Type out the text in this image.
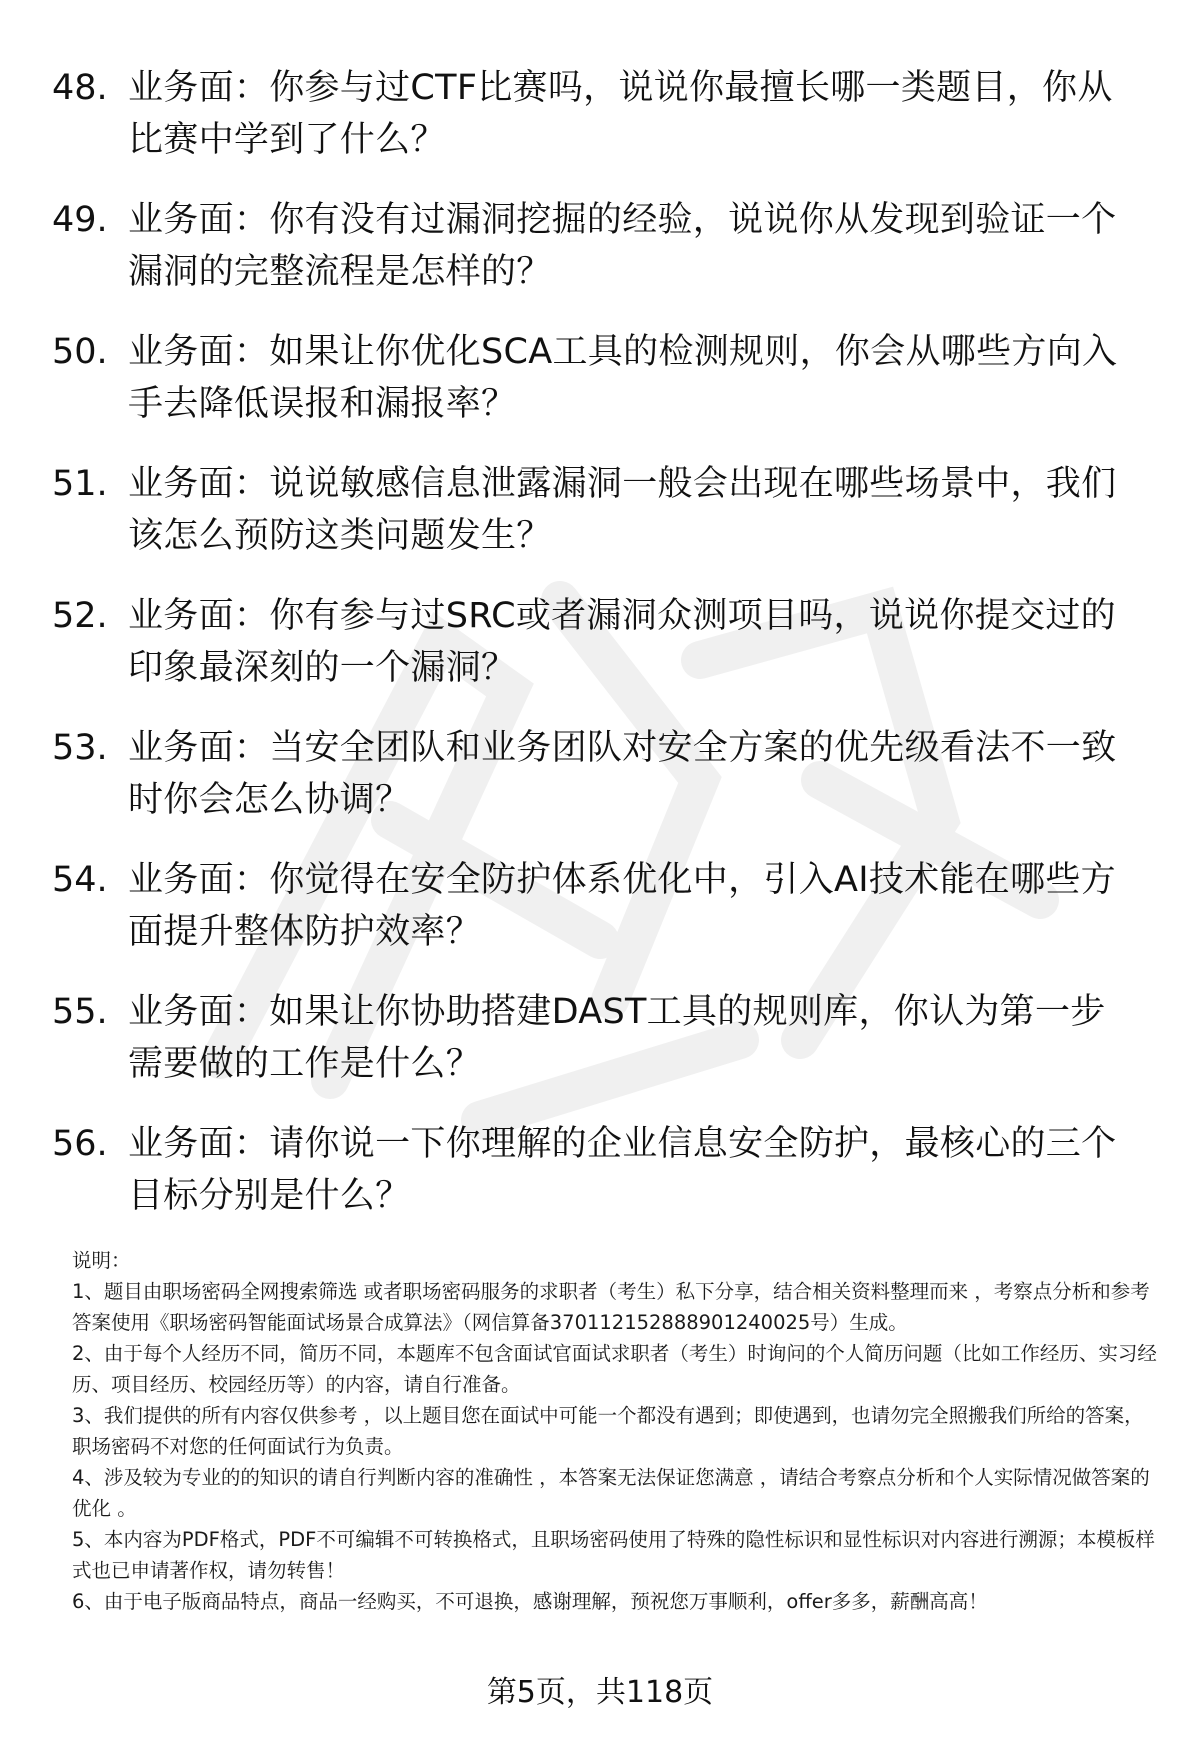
48. 业务面：你参与过CTF比赛吗，说说你最擅长哪一类题目，你从比赛中学到了什么？
49. 业务面：你有没有过漏洞挖掘的经验，说说你从发现到验证一个漏洞的完整流程是怎样的？
50. 业务面：如果让你优化SCA工具的检测规则，你会从哪些方向入手去降低误报和漏报率？
51. 业务面：说说敏感信息泄露漏洞一般会出现在哪些场景中，我们该怎么预防这类问题发生？
52. 业务面：你有参与过SRC或者漏洞众测项目吗，说说你提交过的印象最深刻的一个漏洞？
53. 业务面：当安全团队和业务团队对安全方案的优先级看法不一致时你会怎么协调？
54. 业务面：你觉得在安全防护体系优化中，引入AI技术能在哪些方面提升整体防护效率？
55. 业务面：如果让你协助搭建DAST工具的规则库，你认为第一步需要做的工作是什么？
56. 业务面：请你说一下你理解的企业信息安全防护，最核心的三个目标分别是什么？

说明：

1、题目由职场密码全网搜索筛选 或者职场密码服务的求职者（考生）私下分享，结合相关资料整理而来 ，考察点分析和参考答案使用《职场密码智能面试场景合成算法》（网信算备370112152888901240025号）生成。

2、由于每个人经历不同，简历不同，本题库不包含面试官面试求职者（考生）时询问的个人简历问题（比如工作经历、实习经历、项目经历、校园经历等）的内容，请自行准备。

3、我们提供的所有内容仅供参考 ，以上题目您在面试中可能一个都没有遇到；即使遇到，也请勿完全照搬我们所给的答案，职场密码不对您的任何面试行为负责。

4、涉及较为专业的的知识的请自行判断内容的准确性 ，本答案无法保证您满意 ，请结合考察点分析和个人实际情况做答案的优化 。

5、本内容为PDF格式，PDF不可编辑不可转换格式，且职场密码使用了特殊的隐性标识和显性标识对内容进行溯源；本模板样式也已申请著作权，请勿转售！

6、由于电子版商品特点，商品一经购买，不可退换，感谢理解，预祝您万事顺利，offer多多，薪酬高高！

第5页，共118页
